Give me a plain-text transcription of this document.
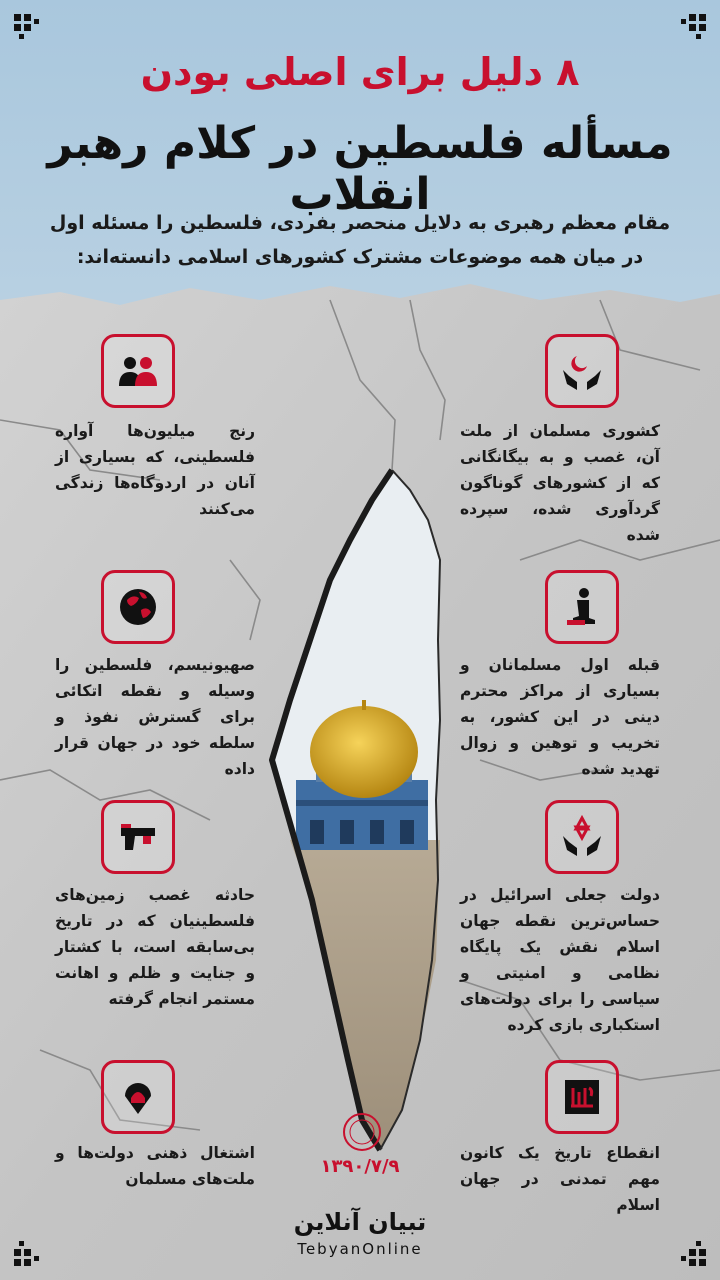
۸ دلیل برای اصلی بودن
مسأله فلسطین در کلام رهبر انقلاب
مقام معظم رهبری به دلایل منحصر بفردی، فلسطین را مسئله اول در میان همه موضوعات مشترک کشورهای اسلامی دانسته‌اند:
کشوری مسلمان از ملت آن، غصب و به بیگانگانی که از کشورهای گوناگون گردآوری شده، سپرده شده
قبله اول مسلمانان و بسیاری از مراکز محترم دینی در این کشور، به تخریب و توهین و زوال تهدید شده
دولت جعلی اسرائیل در حساس‌ترین نقطه جهان اسلام نقش یک پایگاه نظامی و امنیتی و سیاسی را برای دولت‌های استکباری بازی کرده
انقطاع تاریخ یک کانون مهم تمدنی در جهان اسلام
رنج میلیون‌ها آواره فلسطینی، که بسیاری از آنان در اردوگاه‌ها زندگی می‌کنند
صهیونیسم، فلسطین را وسیله و نقطه اتکائی برای گسترش نفوذ و سلطه خود در جهان قرار داده
حادثه غصب زمین‌های فلسطینیان که در تاریخ بی‌سابقه است، با کشتار و جنایت و ظلم و اهانت مستمر انجام گرفته
اشتغال ذهنی دولت‌ها و ملت‌های مسلمان
۱۳۹۰/۷/۹
تبیان آنلاین
TebyanOnline
